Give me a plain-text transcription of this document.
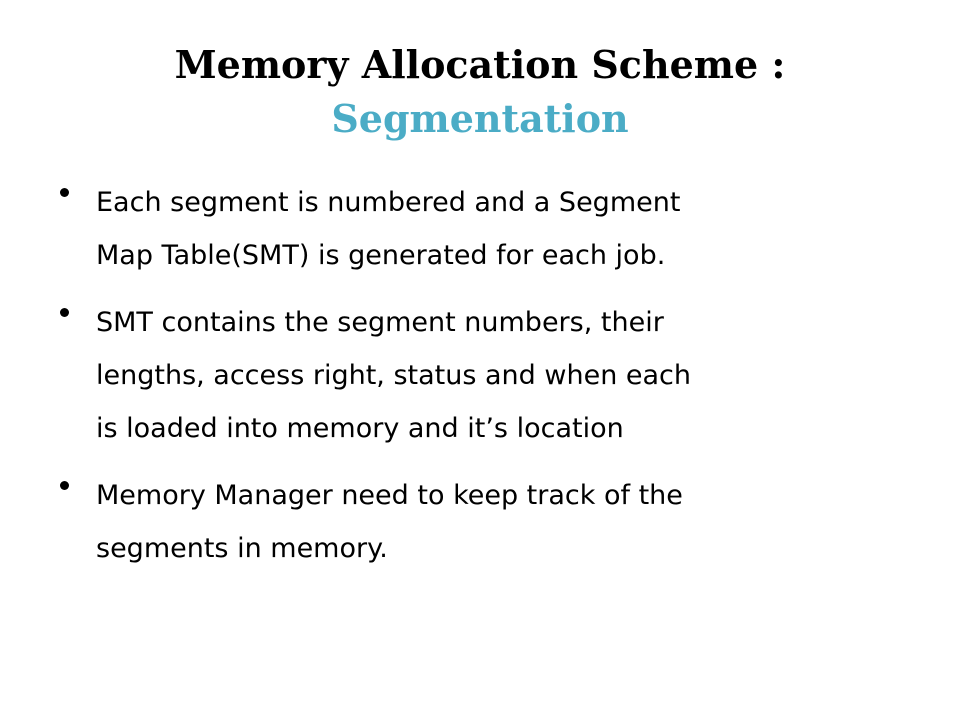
Memory Allocation Scheme :
Segmentation
Each segment is numbered and a Segment
Map Table(SMT) is generated for each job.
SMT contains the segment numbers, their
lengths, access right, status and when each
is loaded into memory and it’s location
Memory Manager need to keep track of the
segments in memory.
